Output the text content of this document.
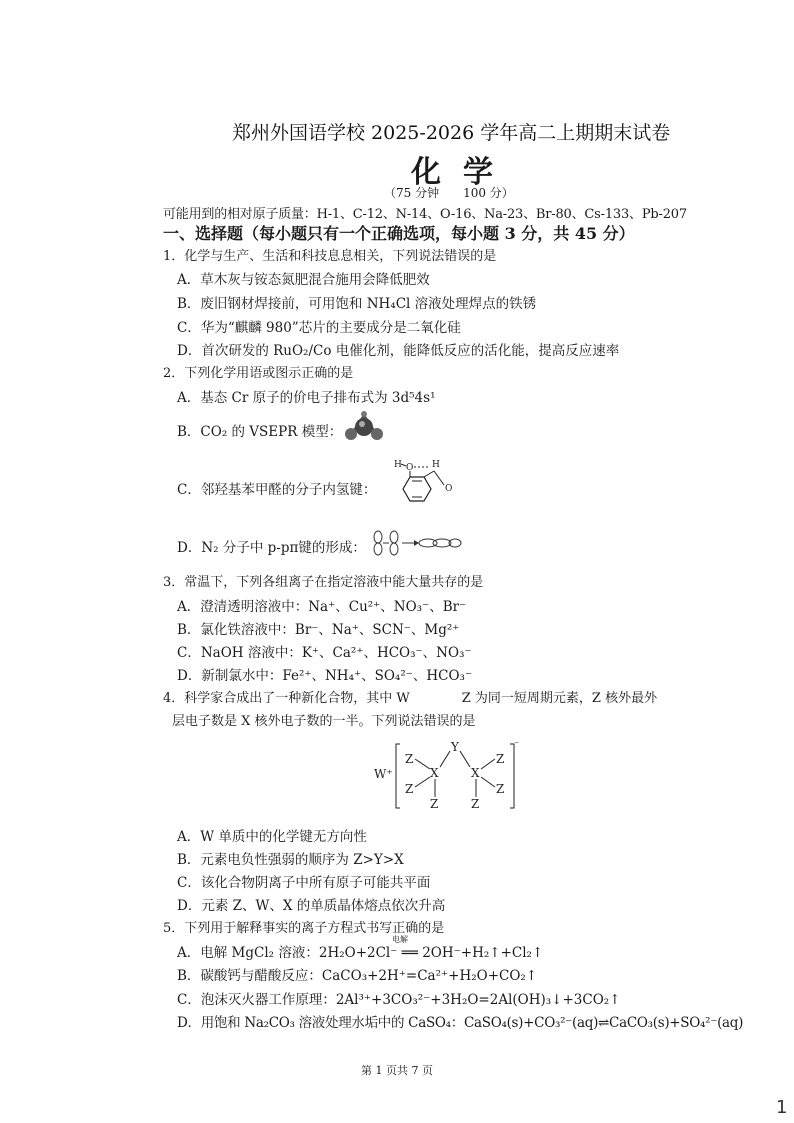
郑州外国语学校 2025-2026 学年高二上期期末试卷
化学
（75 分钟　　100 分）
可能用到的相对原子质量：H-1、C-12、N-14、O-16、Na-23、Br-80、Cs-133、Pb-207
一、选择题（每小题只有一个正确选项，每小题 3 分，共 45 分）
1．化学与生产、生活和科技息息相关，下列说法错误的是
A．草木灰与铵态氮肥混合施用会降低肥效
B．废旧钢材焊接前，可用饱和 NH₄Cl 溶液处理焊点的铁锈
C．华为“麒麟 980”芯片的主要成分是二氧化硅
D．首次研发的 RuO₂/Co 电催化剂，能降低反应的活化能，提高反应速率
2．下列化学用语或图示正确的是
A．基态 Cr 原子的价电子排布式为 3d⁵4s¹
B．CO₂ 的 VSEPR 模型：
C．邻羟基苯甲醛的分子内氢键：
H O H
O
D．N₂ 分子中 p-pπ键的形成：
3．常温下，下列各组离子在指定溶液中能大量共存的是
A．澄清透明溶液中：Na⁺、Cu²⁺、NO₃⁻、Br⁻
B．氯化铁溶液中：Br⁻、Na⁺、SCN⁻、Mg²⁺
C．NaOH 溶液中：K⁺、Ca²⁺、HCO₃⁻、NO₃⁻
D．新制氯水中：Fe²⁺、NH₄⁺、SO₄²⁻、HCO₃⁻
4．科学家合成出了一种新化合物，其中 W　　　　Z 为同一短周期元素，Z 核外最外
层电子数是 X 核外电子数的一半。下列说法错误的是
W⁺
⁻
Y
X	X
Z
Z
Z	Z
Z
Z
A．W 单质中的化学键无方向性
B．元素电负性强弱的顺序为 Z>Y>X
C．该化合物阴离子中所有原子可能共平面
D．元素 Z、W、X 的单质晶体熔点依次升高
5．下列用于解释事实的离子方程式书写正确的是
A．电解 MgCl₂ 溶液：2H₂O+2Cl⁻ ══ 2OH⁻+H₂↑+Cl₂↑
电解
B．碳酸钙与醋酸反应：CaCO₃+2H⁺=Ca²⁺+H₂O+CO₂↑
C．泡沫灭火器工作原理：2Al³⁺+3CO₃²⁻+3H₂O=2Al(OH)₃↓+3CO₂↑
D．用饱和 Na₂CO₃ 溶液处理水垢中的 CaSO₄：CaSO₄(s)+CO₃²⁻(aq)⇌CaCO₃(s)+SO₄²⁻(aq)
第 1 页共 7 页
1
